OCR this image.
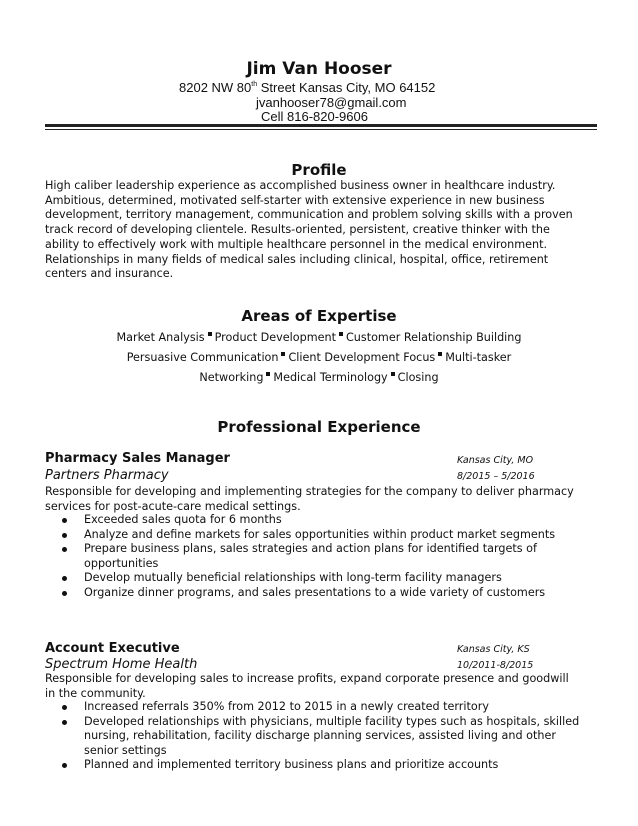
Jim Van Hooser
8202 NW 80th Street Kansas City, MO 64152
jvanhooser78@gmail.com
Cell 816-820-9606
Profile
High caliber leadership experience as accomplished business owner in healthcare industry.
Ambitious, determined, motivated self-starter with extensive experience in new business
development, territory management, communication and problem solving skills with a proven
track record of developing clientele. Results-oriented, persistent, creative thinker with the
ability to effectively work with multiple healthcare personnel in the medical environment.
Relationships in many fields of medical sales including clinical, hospital, office, retirement
centers and insurance.
Areas of Expertise
Market Analysis Product Development Customer Relationship Building
Persuasive Communication Client Development Focus Multi-tasker
Networking Medical Terminology Closing
Professional Experience
Pharmacy Sales Manager	Kansas City, MO
Partners Pharmacy	8/2015 – 5/2016
Responsible for developing and implementing strategies for the company to deliver pharmacy
services for post-acute-care medical settings.
Exceeded sales quota for 6 months
Analyze and define markets for sales opportunities within product market segments
Prepare business plans, sales strategies and action plans for identified targets of
opportunities
Develop mutually beneficial relationships with long-term facility managers
Organize dinner programs, and sales presentations to a wide variety of customers
Account Executive	Kansas City, KS
Spectrum Home Health	10/2011-8/2015
Responsible for developing sales to increase profits, expand corporate presence and goodwill
in the community.
Increased referrals 350% from 2012 to 2015 in a newly created territory
Developed relationships with physicians, multiple facility types such as hospitals, skilled
nursing, rehabilitation, facility discharge planning services, assisted living and other
senior settings
Planned and implemented territory business plans and prioritize accounts
